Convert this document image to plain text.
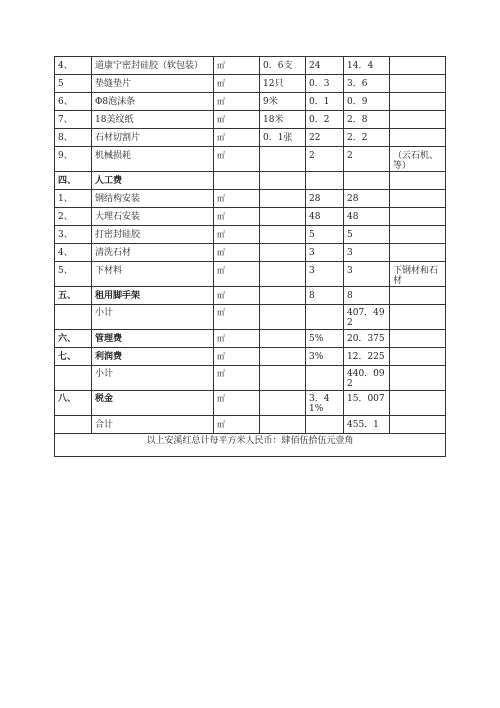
4、	道康宁密封硅胶（软包装）	㎡	0．6支	24	14．4	

5	垫缝垫片	㎡	12只	0．3	3．6	

6、	Φ8泡沫条	㎡	9米	0．1	0．9	

7、	18美纹纸	㎡	18米	0．2	2．8	

8、	石材切割片	㎡	0．1张	22	2．2	

9、	机械损耗	㎡		2	2	（云石机、等）

四、	人工费					

1、	钢结构安装	㎡		28	28	

2、	大理石安装	㎡		48	48	

3、	打密封硅胶	㎡		5	5	

4、	清洗石材	㎡		3	3	

5、	下材料	㎡		3	3	下钢材和石材

五、	租用脚手架	㎡		8	8	

	小计	㎡			407．492	

六、	管理费	㎡		5%	20．375	

七、	利润费	㎡		3%	12．225	

	小计	㎡			440．092	

八、	税金	㎡		3．41%	15．007	

	合计	㎡			455．1	

以上安溪红总计每平方米人民币：肆佰伍拾伍元壹角						
